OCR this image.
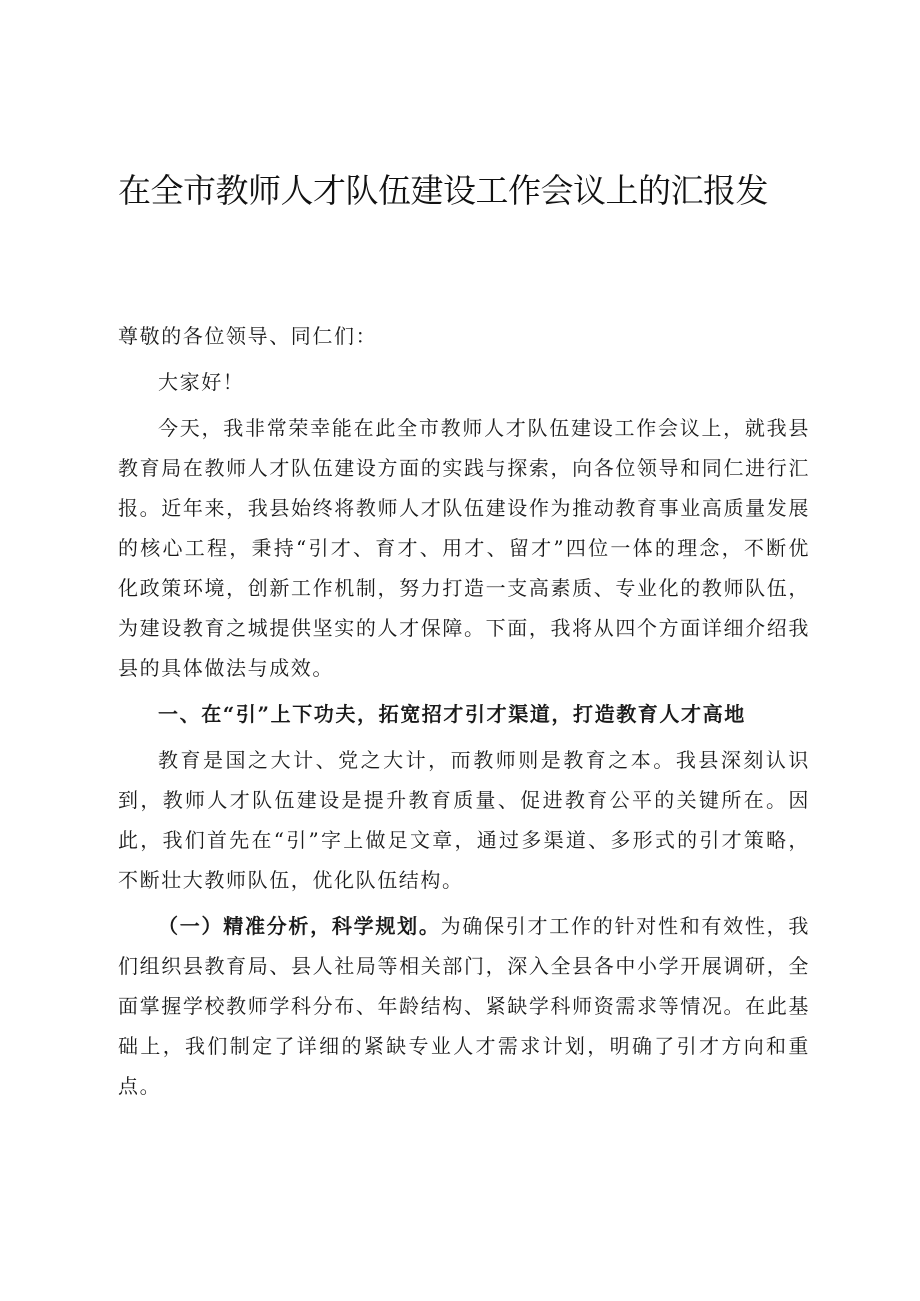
在全市教师人才队伍建设工作会议上的汇报发

尊敬的各位领导、同仁们：

大家好！

今天，我非常荣幸能在此全市教师人才队伍建设工作会议上，就我县教育局在教师人才队伍建设方面的实践与探索，向各位领导和同仁进行汇报。近年来，我县始终将教师人才队伍建设作为推动教育事业高质量发展的核心工程，秉持“引才、育才、用才、留才”四位一体的理念，不断优化政策环境，创新工作机制，努力打造一支高素质、专业化的教师队伍，为建设教育之城提供坚实的人才保障。下面，我将从四个方面详细介绍我县的具体做法与成效。

一、在“引”上下功夫，拓宽招才引才渠道，打造教育人才高地

教育是国之大计、党之大计，而教师则是教育之本。我县深刻认识到，教师人才队伍建设是提升教育质量、促进教育公平的关键所在。因此，我们首先在“引”字上做足文章，通过多渠道、多形式的引才策略，不断壮大教师队伍，优化队伍结构。

（一）精准分析，科学规划。为确保引才工作的针对性和有效性，我们组织县教育局、县人社局等相关部门，深入全县各中小学开展调研，全面掌握学校教师学科分布、年龄结构、紧缺学科师资需求等情况。在此基础上，我们制定了详细的紧缺专业人才需求计划，明确了引才方向和重点。
